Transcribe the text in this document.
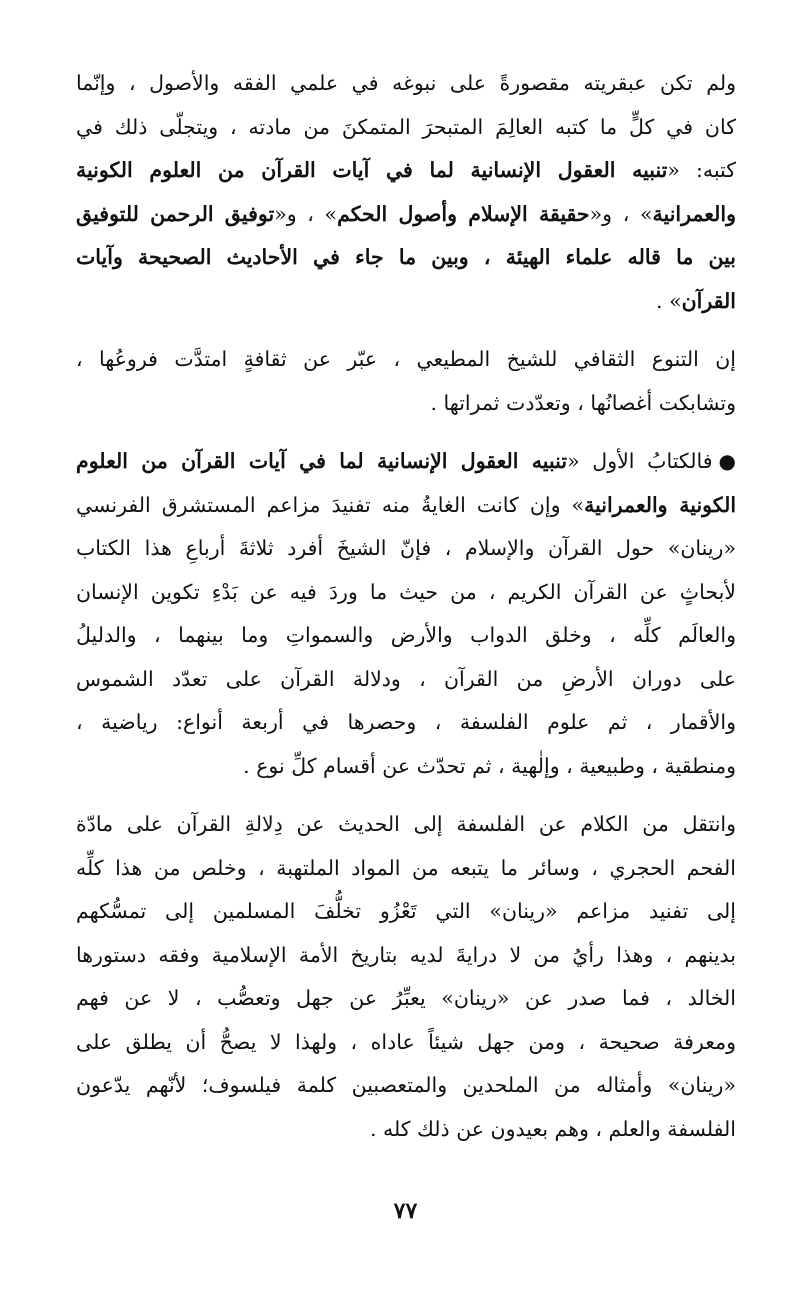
ولم تكن عبقريته مقصورةً على نبوغه في علمي الفقه والأصول ، وإنّما
كان في كلٍّ ما كتبه العالِمَ المتبحرَ المتمكنَ من مادته ، ويتجلّى ذلك في
كتبه: «تنبيه العقول الإنسانية لما في آيات القرآن من العلوم الكونية
والعمرانية» ، و«حقيقة الإسلام وأصول الحكم» ، و«توفيق الرحمن للتوفيق
بين ما قاله علماء الهيئة ، وبين ما جاء في الأحاديث الصحيحة وآيات
القرآن» .
إن التنوع الثقافي للشيخ المطيعي ، عبّر عن ثقافةٍ امتدَّت فروعُها ،
وتشابكت أغصانُها ، وتعدّدت ثمراتها .
●فالكتابُ الأول «تنبيه العقول الإنسانية لما في آيات القرآن من العلوم
الكونية والعمرانية» وإن كانت الغايةُ منه تفنيدَ مزاعم المستشرق الفرنسي
«رينان» حول القرآن والإسلام ، فإنّ الشيخَ أفرد ثلاثةَ أرباعِ هذا الكتاب
لأبحاثٍ عن القرآن الكريم ، من حيث ما وردَ فيه عن بَدْءِ تكوين الإنسان
والعالَم كلِّه ، وخلق الدواب والأرض والسمواتِ وما بينهما ، والدليلُ
على دوران الأرضِ من القرآن ، ودلالة القرآن على تعدّد الشموس
والأقمار ، ثم علوم الفلسفة ، وحصرها في أربعة أنواع: رياضية ،
ومنطقية ، وطبيعية ، وإلٰهية ، ثم تحدّث عن أقسام كلِّ نوع .
وانتقل من الكلام عن الفلسفة إلى الحديث عن دِلالةِ القرآن على مادّة
الفحم الحجري ، وسائر ما يتبعه من المواد الملتهبة ، وخلص من هذا كلِّه
إلى تفنيد مزاعم «رينان» التي تَعْزُو تخلُّفَ المسلمين إلى تمسُّكهم
بدينهم ، وهذا رأيُ من لا درايةَ لديه بتاريخ الأمة الإسلامية وفقه دستورها
الخالد ، فما صدر عن «رينان» يعبِّرُ عن جهل وتعصُّب ، لا عن فهم
ومعرفة صحيحة ، ومن جهل شيئاً عاداه ، ولهذا لا يصحُّ أن يطلق على
«رينان» وأمثاله من الملحدين والمتعصبين كلمة فيلسوف؛ لأنّهم يدّعون
الفلسفة والعلم ، وهم بعيدون عن ذلك كله .
٧٧
